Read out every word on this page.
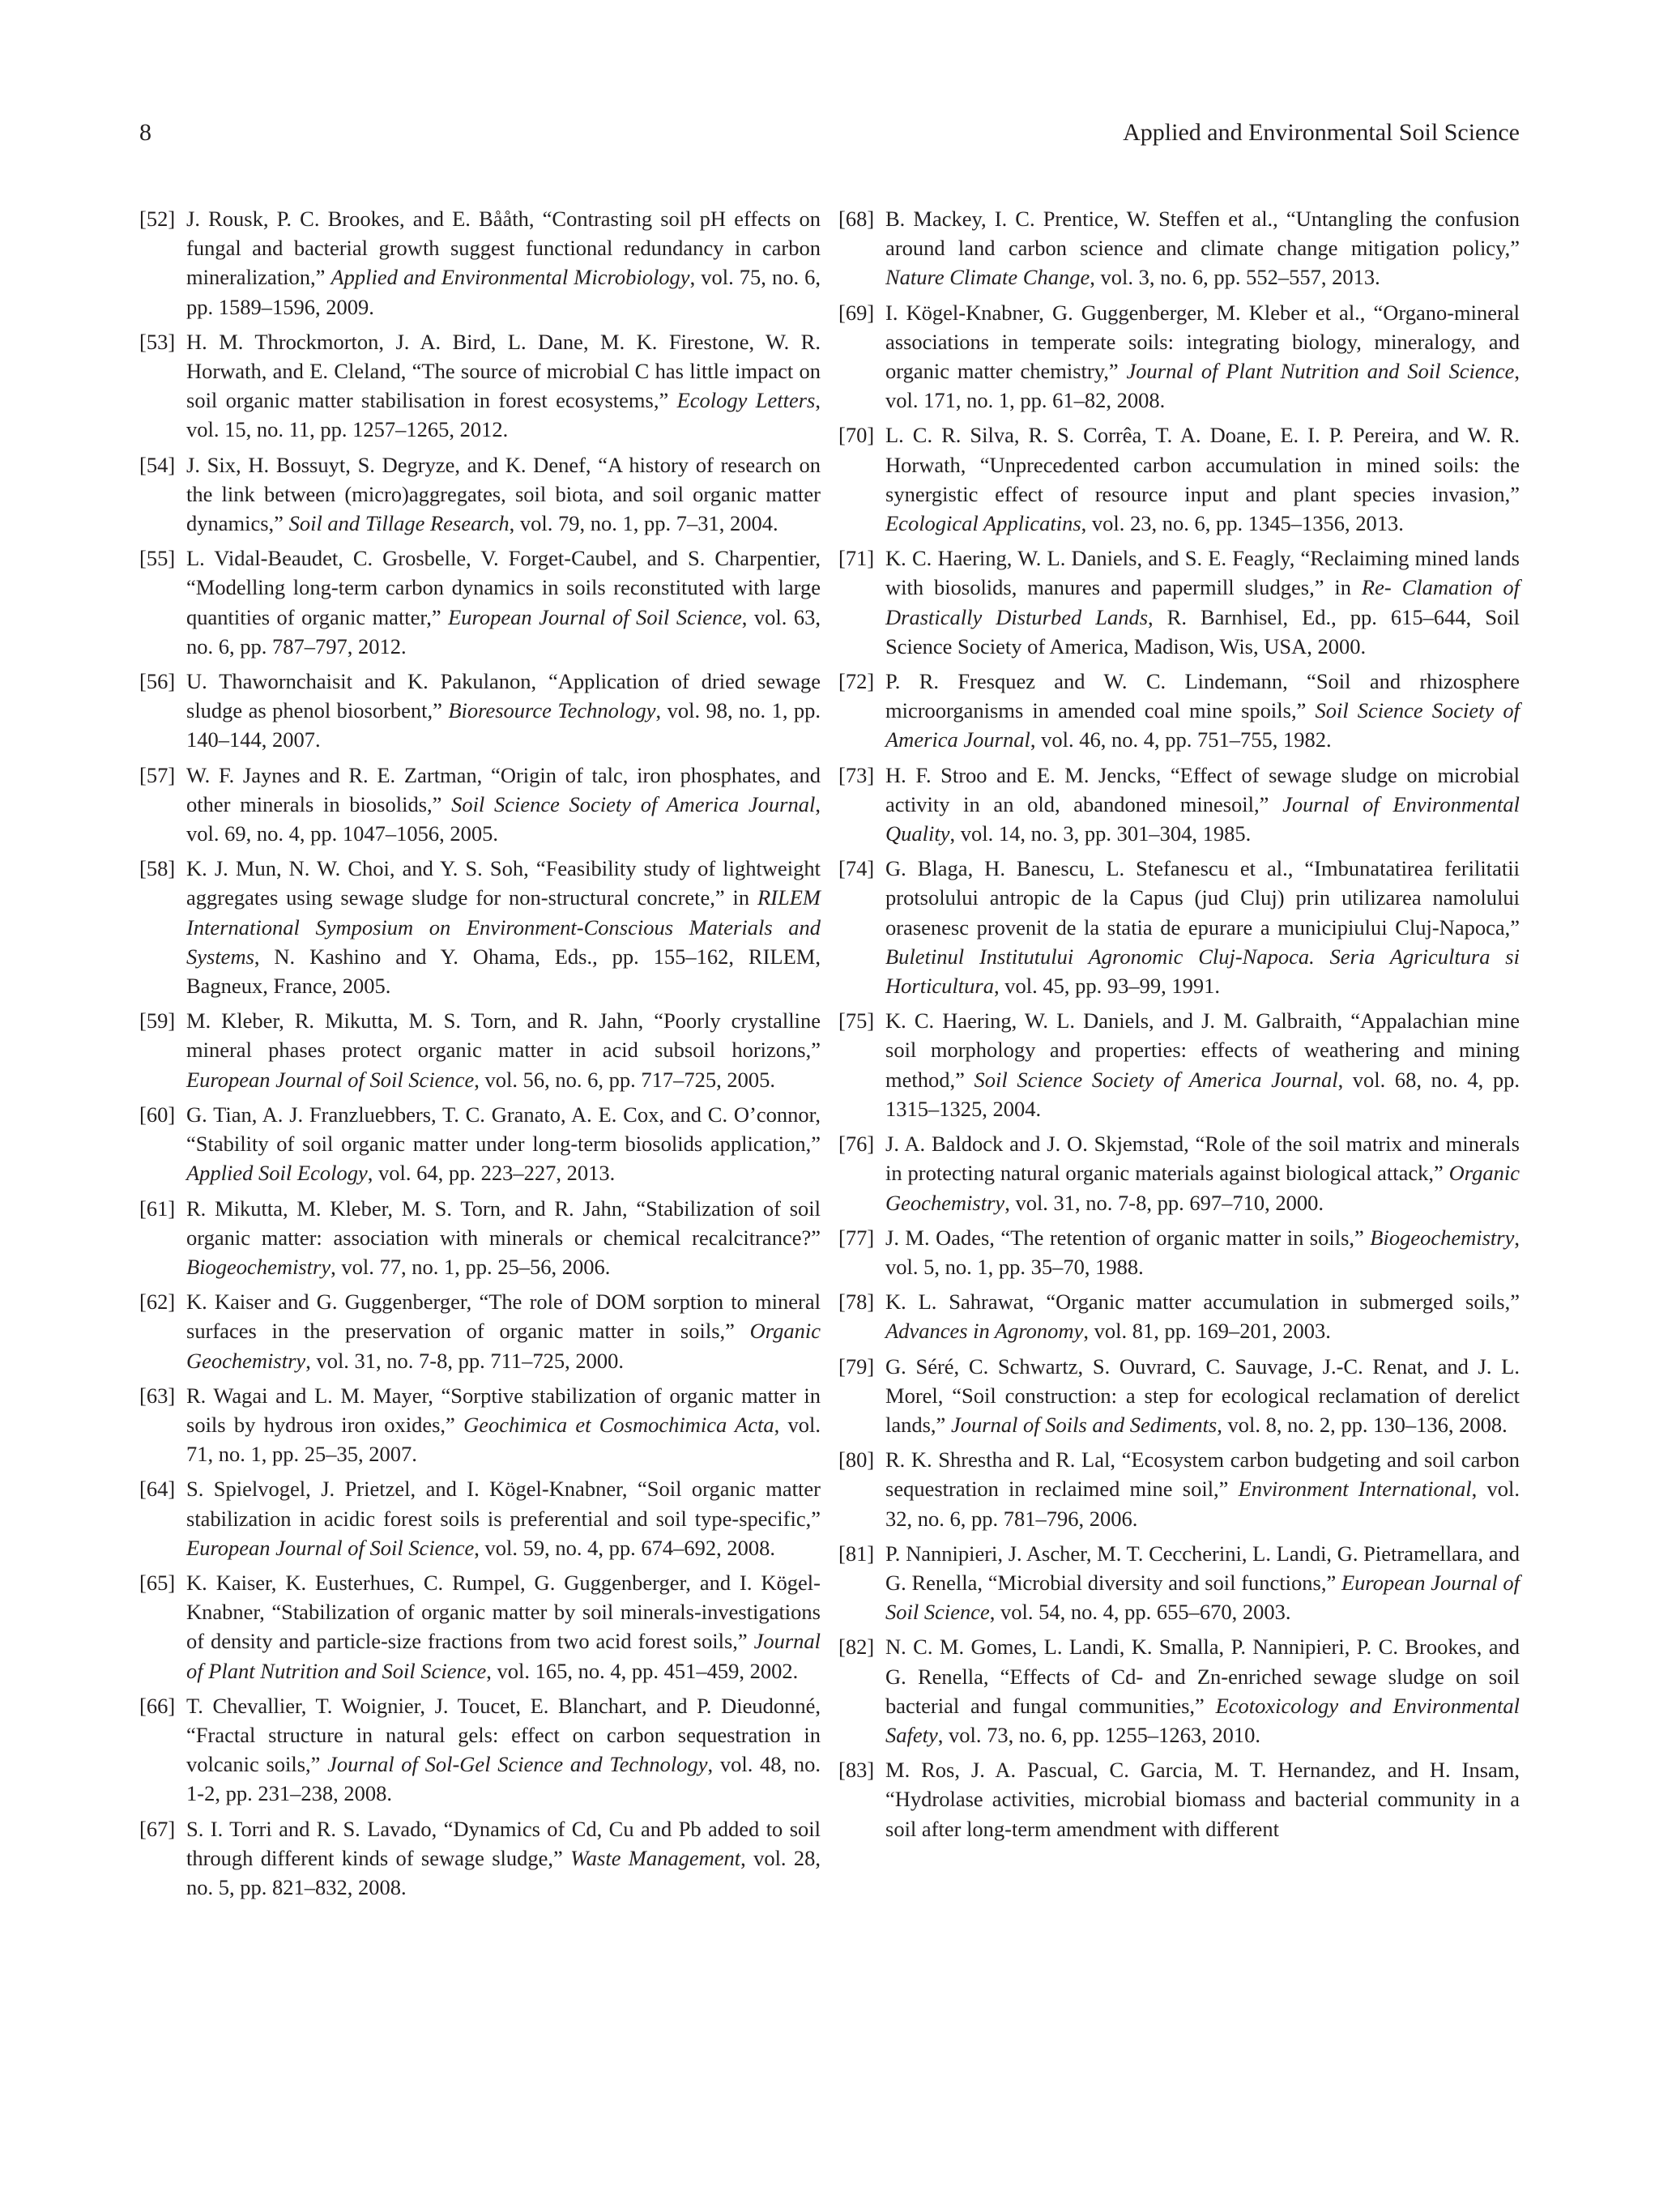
8	Applied and Environmental Soil Science
[52] J. Rousk, P. C. Brookes, and E. Bååth, “Contrasting soil pH effects on fungal and bacterial growth suggest functional redundancy in carbon mineralization,” Applied and Environmental Microbiology, vol. 75, no. 6, pp. 1589–1596, 2009.
[53] H. M. Throckmorton, J. A. Bird, L. Dane, M. K. Firestone, W. R. Horwath, and E. Cleland, “The source of microbial C has little impact on soil organic matter stabilisation in forest ecosystems,” Ecology Letters, vol. 15, no. 11, pp. 1257–1265, 2012.
[54] J. Six, H. Bossuyt, S. Degryze, and K. Denef, “A history of research on the link between (micro)aggregates, soil biota, and soil organic matter dynamics,” Soil and Tillage Research, vol. 79, no. 1, pp. 7–31, 2004.
[55] L. Vidal-Beaudet, C. Grosbelle, V. Forget-Caubel, and S. Charpentier, “Modelling long-term carbon dynamics in soils reconstituted with large quantities of organic matter,” European Journal of Soil Science, vol. 63, no. 6, pp. 787–797, 2012.
[56] U. Thawornchaisit and K. Pakulanon, “Application of dried sewage sludge as phenol biosorbent,” Bioresource Technology, vol. 98, no. 1, pp. 140–144, 2007.
[57] W. F. Jaynes and R. E. Zartman, “Origin of talc, iron phosphates, and other minerals in biosolids,” Soil Science Society of America Journal, vol. 69, no. 4, pp. 1047–1056, 2005.
[58] K. J. Mun, N. W. Choi, and Y. S. Soh, “Feasibility study of lightweight aggregates using sewage sludge for non-structural concrete,” in RILEM International Symposium on Environment-Conscious Materials and Systems, N. Kashino and Y. Ohama, Eds., pp. 155–162, RILEM, Bagneux, France, 2005.
[59] M. Kleber, R. Mikutta, M. S. Torn, and R. Jahn, “Poorly crystalline mineral phases protect organic matter in acid subsoil horizons,” European Journal of Soil Science, vol. 56, no. 6, pp. 717–725, 2005.
[60] G. Tian, A. J. Franzluebbers, T. C. Granato, A. E. Cox, and C. O’connor, “Stability of soil organic matter under long-term biosolids application,” Applied Soil Ecology, vol. 64, pp. 223–227, 2013.
[61] R. Mikutta, M. Kleber, M. S. Torn, and R. Jahn, “Stabilization of soil organic matter: association with minerals or chemical recalcitrance?” Biogeochemistry, vol. 77, no. 1, pp. 25–56, 2006.
[62] K. Kaiser and G. Guggenberger, “The role of DOM sorption to mineral surfaces in the preservation of organic matter in soils,” Organic Geochemistry, vol. 31, no. 7-8, pp. 711–725, 2000.
[63] R. Wagai and L. M. Mayer, “Sorptive stabilization of organic matter in soils by hydrous iron oxides,” Geochimica et Cosmochimica Acta, vol. 71, no. 1, pp. 25–35, 2007.
[64] S. Spielvogel, J. Prietzel, and I. Kögel-Knabner, “Soil organic matter stabilization in acidic forest soils is preferential and soil type-specific,” European Journal of Soil Science, vol. 59, no. 4, pp. 674–692, 2008.
[65] K. Kaiser, K. Eusterhues, C. Rumpel, G. Guggenberger, and I. Kögel-Knabner, “Stabilization of organic matter by soil minerals-investigations of density and particle-size fractions from two acid forest soils,” Journal of Plant Nutrition and Soil Science, vol. 165, no. 4, pp. 451–459, 2002.
[66] T. Chevallier, T. Woignier, J. Toucet, E. Blanchart, and P. Dieudonné, “Fractal structure in natural gels: effect on carbon sequestration in volcanic soils,” Journal of Sol-Gel Science and Technology, vol. 48, no. 1-2, pp. 231–238, 2008.
[67] S. I. Torri and R. S. Lavado, “Dynamics of Cd, Cu and Pb added to soil through different kinds of sewage sludge,” Waste Management, vol. 28, no. 5, pp. 821–832, 2008.
[68] B. Mackey, I. C. Prentice, W. Steffen et al., “Untangling the confusion around land carbon science and climate change mitigation policy,” Nature Climate Change, vol. 3, no. 6, pp. 552–557, 2013.
[69] I. Kögel-Knabner, G. Guggenberger, M. Kleber et al., “Organo-mineral associations in temperate soils: integrating biology, mineralogy, and organic matter chemistry,” Journal of Plant Nutrition and Soil Science, vol. 171, no. 1, pp. 61–82, 2008.
[70] L. C. R. Silva, R. S. Corrêa, T. A. Doane, E. I. P. Pereira, and W. R. Horwath, “Unprecedented carbon accumulation in mined soils: the synergistic effect of resource input and plant species invasion,” Ecological Applicatins, vol. 23, no. 6, pp. 1345–1356, 2013.
[71] K. C. Haering, W. L. Daniels, and S. E. Feagly, “Reclaiming mined lands with biosolids, manures and papermill sludges,” in Re- Clamation of Drastically Disturbed Lands, R. Barnhisel, Ed., pp. 615–644, Soil Science Society of America, Madison, Wis, USA, 2000.
[72] P. R. Fresquez and W. C. Lindemann, “Soil and rhizosphere microorganisms in amended coal mine spoils,” Soil Science Society of America Journal, vol. 46, no. 4, pp. 751–755, 1982.
[73] H. F. Stroo and E. M. Jencks, “Effect of sewage sludge on microbial activity in an old, abandoned minesoil,” Journal of Environmental Quality, vol. 14, no. 3, pp. 301–304, 1985.
[74] G. Blaga, H. Banescu, L. Stefanescu et al., “Imbunatatirea ferilitatii protsolului antropic de la Capus (jud Cluj) prin utilizarea namolului orasenesc provenit de la statia de epurare a municipiului Cluj-Napoca,” Buletinul Institutului Agronomic Cluj-Napoca. Seria Agricultura si Horticultura, vol. 45, pp. 93–99, 1991.
[75] K. C. Haering, W. L. Daniels, and J. M. Galbraith, “Appalachian mine soil morphology and properties: effects of weathering and mining method,” Soil Science Society of America Journal, vol. 68, no. 4, pp. 1315–1325, 2004.
[76] J. A. Baldock and J. O. Skjemstad, “Role of the soil matrix and minerals in protecting natural organic materials against biological attack,” Organic Geochemistry, vol. 31, no. 7-8, pp. 697–710, 2000.
[77] J. M. Oades, “The retention of organic matter in soils,” Biogeochemistry, vol. 5, no. 1, pp. 35–70, 1988.
[78] K. L. Sahrawat, “Organic matter accumulation in submerged soils,” Advances in Agronomy, vol. 81, pp. 169–201, 2003.
[79] G. Séré, C. Schwartz, S. Ouvrard, C. Sauvage, J.-C. Renat, and J. L. Morel, “Soil construction: a step for ecological reclamation of derelict lands,” Journal of Soils and Sediments, vol. 8, no. 2, pp. 130–136, 2008.
[80] R. K. Shrestha and R. Lal, “Ecosystem carbon budgeting and soil carbon sequestration in reclaimed mine soil,” Environment International, vol. 32, no. 6, pp. 781–796, 2006.
[81] P. Nannipieri, J. Ascher, M. T. Ceccherini, L. Landi, G. Pietramellara, and G. Renella, “Microbial diversity and soil functions,” European Journal of Soil Science, vol. 54, no. 4, pp. 655–670, 2003.
[82] N. C. M. Gomes, L. Landi, K. Smalla, P. Nannipieri, P. C. Brookes, and G. Renella, “Effects of Cd- and Zn-enriched sewage sludge on soil bacterial and fungal communities,” Ecotoxicology and Environmental Safety, vol. 73, no. 6, pp. 1255–1263, 2010.
[83] M. Ros, J. A. Pascual, C. Garcia, M. T. Hernandez, and H. Insam, “Hydrolase activities, microbial biomass and bacterial community in a soil after long-term amendment with different
